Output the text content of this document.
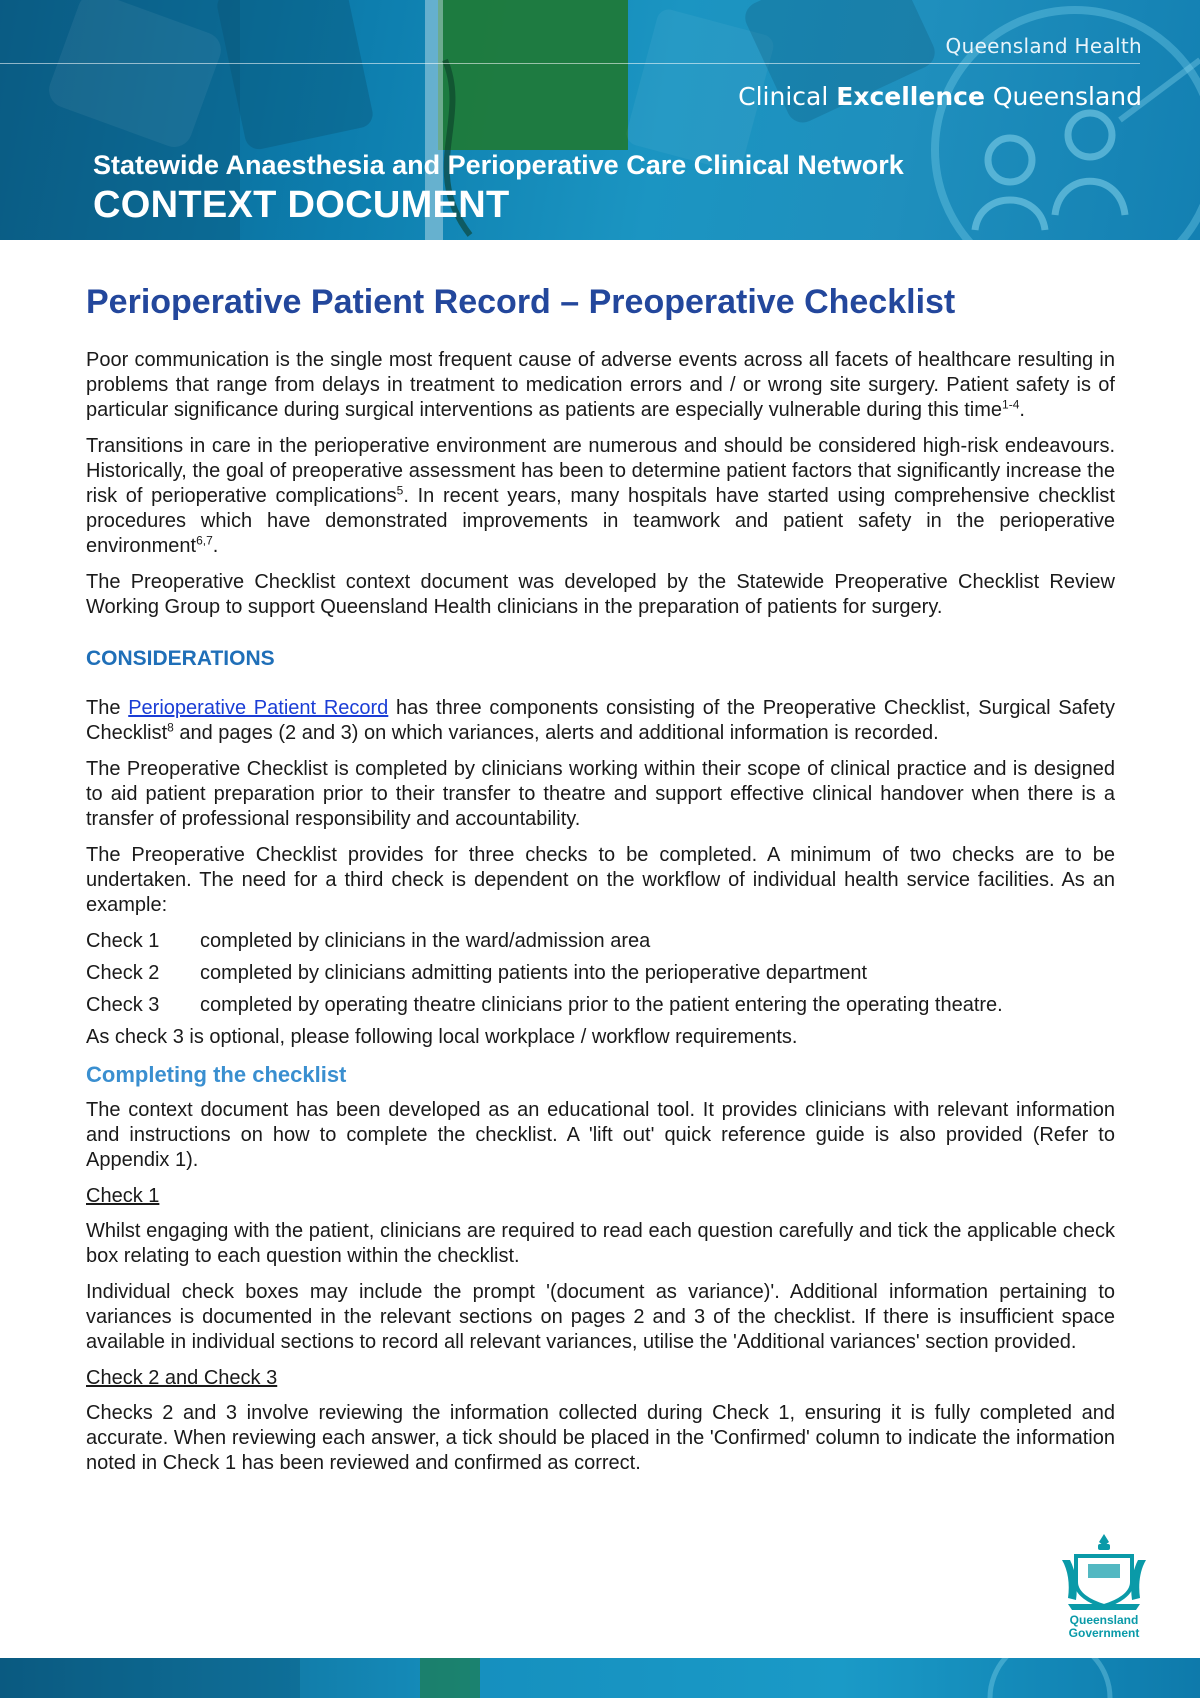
Queensland Health
Clinical Excellence Queensland
Statewide Anaesthesia and Perioperative Care Clinical Network
CONTEXT DOCUMENT
Perioperative Patient Record – Preoperative Checklist

Poor communication is the single most frequent cause of adverse events across all facets of healthcare resulting in problems that range from delays in treatment to medication errors and / or wrong site surgery. Patient safety is of particular significance during surgical interventions as patients are especially vulnerable during this time$^{1-4}$.

Transitions in care in the perioperative environment are numerous and should be considered high-risk endeavours. Historically, the goal of preoperative assessment has been to determine patient factors that significantly increase the risk of perioperative complications$^5$. In recent years, many hospitals have started using comprehensive checklist procedures which have demonstrated improvements in teamwork and patient safety in the perioperative environment$^{6,7}$.

The Preoperative Checklist context document was developed by the Statewide Preoperative Checklist Review Working Group to support Queensland Health clinicians in the preparation of patients for surgery.

CONSIDERATIONS

The Perioperative Patient Record has three components consisting of the Preoperative Checklist, Surgical Safety Checklist$^8$ and pages (2 and 3) on which variances, alerts and additional information is recorded.

The Preoperative Checklist is completed by clinicians working within their scope of clinical practice and is designed to aid patient preparation prior to their transfer to theatre and support effective clinical handover when there is a transfer of professional responsibility and accountability.

The Preoperative Checklist provides for three checks to be completed. A minimum of two checks are to be undertaken. The need for a third check is dependent on the workflow of individual health service facilities. As an example:

Check 1	completed by clinicians in the ward/admission area
Check 2	completed by clinicians admitting patients into the perioperative department
Check 3	completed by operating theatre clinicians prior to the patient entering the operating theatre.

As check 3 is optional, please following local workplace / workflow requirements.

Completing the checklist

The context document has been developed as an educational tool. It provides clinicians with relevant information and instructions on how to complete the checklist. A 'lift out' quick reference guide is also provided (Refer to Appendix 1).

Check 1

Whilst engaging with the patient, clinicians are required to read each question carefully and tick the applicable check box relating to each question within the checklist.

Individual check boxes may include the prompt '(document as variance)'. Additional information pertaining to variances is documented in the relevant sections on pages 2 and 3 of the checklist. If there is insufficient space available in individual sections to record all relevant variances, utilise the 'Additional variances' section provided.

Check 2 and Check 3

Checks 2 and 3 involve reviewing the information collected during Check 1, ensuring it is fully completed and accurate. When reviewing each answer, a tick should be placed in the 'Confirmed' column to indicate the information noted in Check 1 has been reviewed and confirmed as correct.

Queensland
Government
